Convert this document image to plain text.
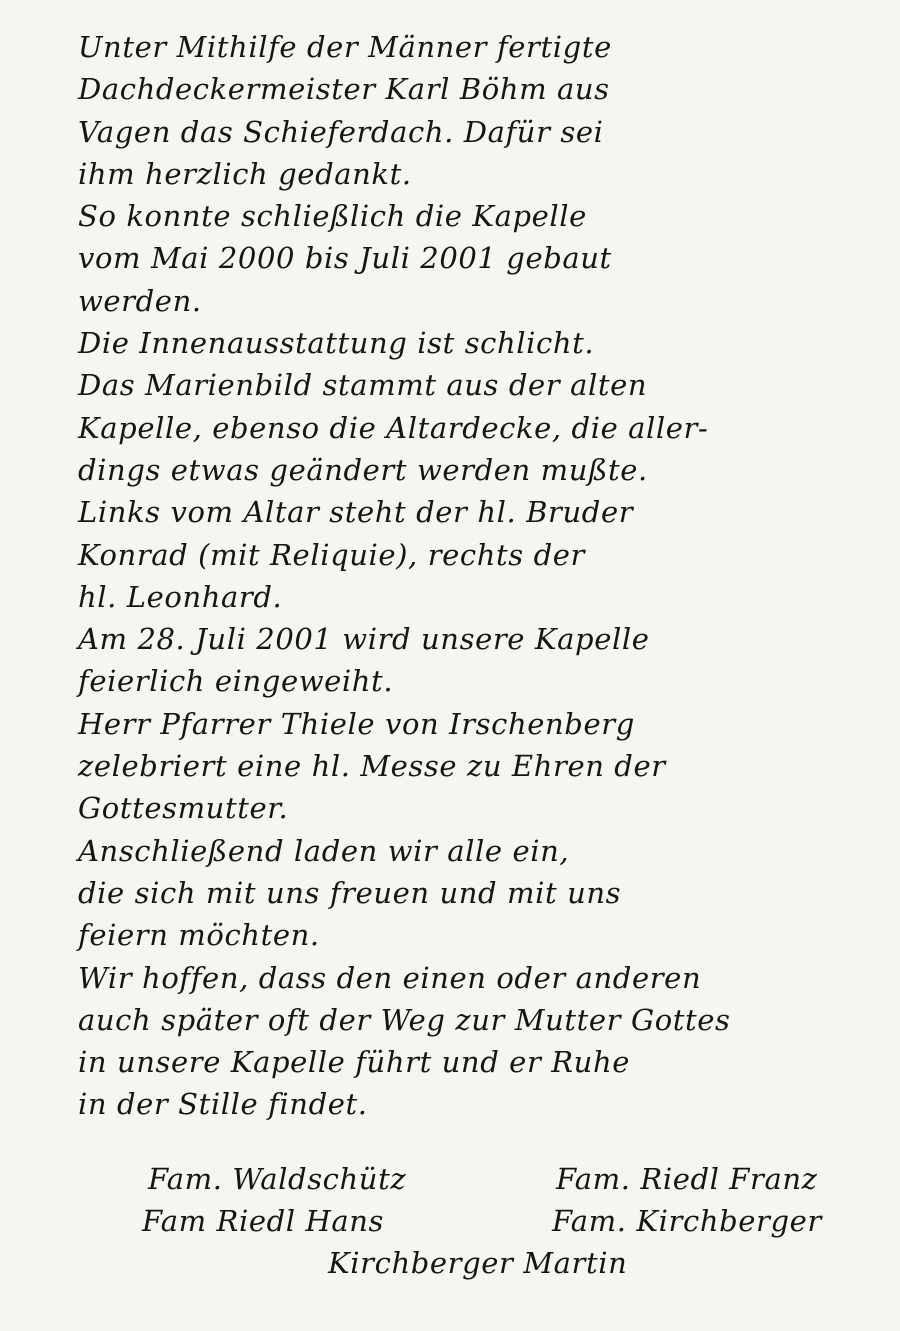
Unter Mithilfe der Männer fertigte
Dachdeckermeister Karl Böhm aus
Vagen das Schieferdach. Dafür sei
ihm herzlich gedankt.
So konnte schließlich die Kapelle
vom Mai 2000 bis Juli 2001 gebaut
werden.
Die Innenausstattung ist schlicht.
Das Marienbild stammt aus der alten
Kapelle, ebenso die Altardecke, die aller-
dings etwas geändert werden mußte.
Links vom Altar steht der hl. Bruder
Konrad (mit Reliquie), rechts der
hl. Leonhard.
Am 28. Juli 2001 wird unsere Kapelle
feierlich eingeweiht.
Herr Pfarrer Thiele von Irschenberg
zelebriert eine hl. Messe zu Ehren der
Gottesmutter.
Anschließend laden wir alle ein,
die sich mit uns freuen und mit uns
feiern möchten.
Wir hoffen, dass den einen oder anderen
auch später oft der Weg zur Mutter Gottes
in unsere Kapelle führt und er Ruhe
in der Stille findet.
Fam. Waldschütz	Fam. Riedl Franz
Fam Riedl Hans	Fam. Kirchberger
Kirchberger Martin
